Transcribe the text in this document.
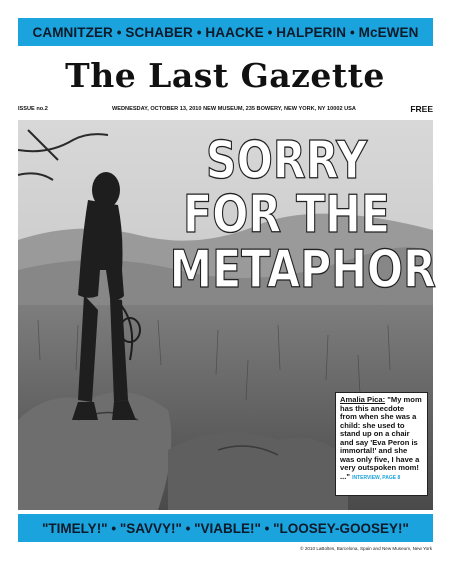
CAMNITZER • SCHABER • HAACKE • HALPERIN • McEWEN
The Last Gazette
ISSUE no.2	WEDNESDAY, OCTOBER 13, 2010 NEW MUSEUM, 235 BOWERY, NEW YORK, NY 10002 USA	FREE
SORRY
FOR THE
METAPHOR
Amalia Pica: "My mom has this anecdote from when she was a child: she used to stand up on a chair and say 'Eva Peron is immortal!' and she was only five, I have a very outspoken mom! ..." INTERVIEW, PAGE 8
"TIMELY!" • "SAVVY!" • "VIABLE!" • "LOOSEY-GOOSEY!"
© 2010 LaBoltes, Barcelona, Spain and New Museum, New York
